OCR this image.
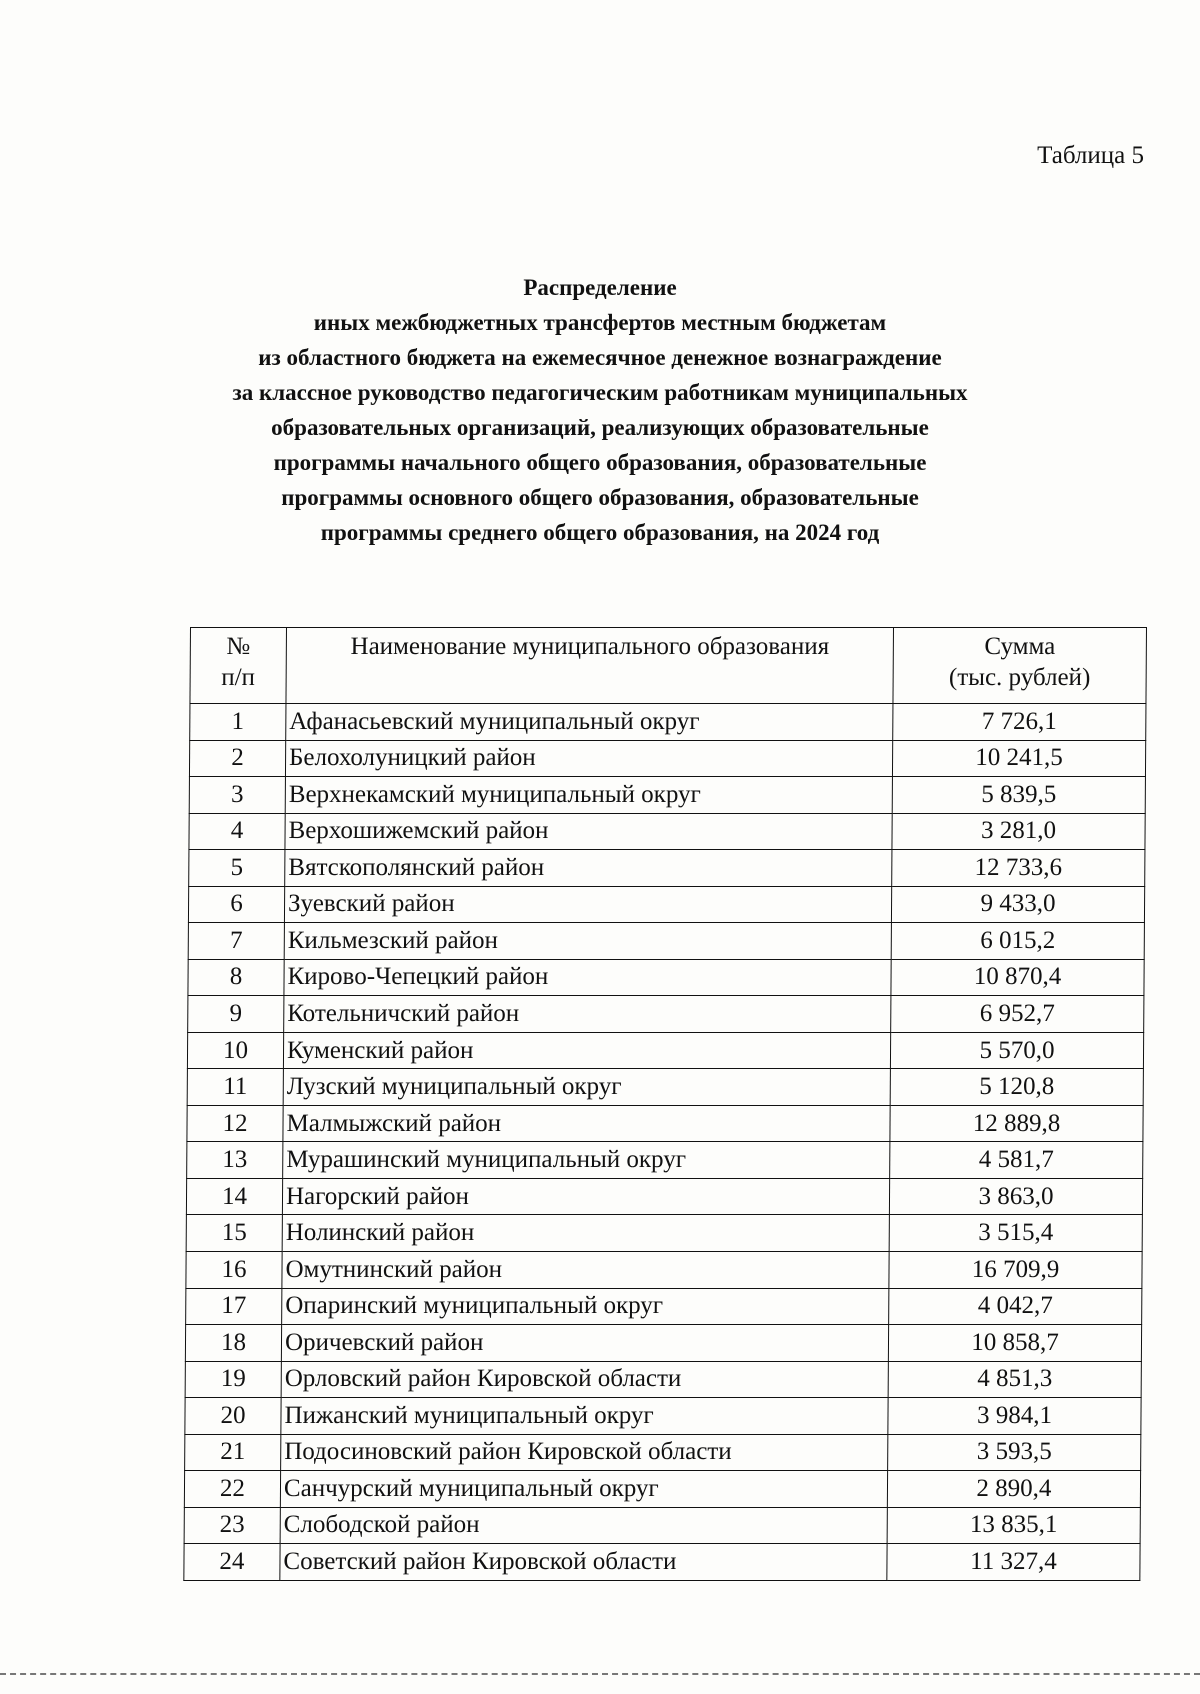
Таблица 5
Распределение
иных межбюджетных трансфертов местным бюджетам
из областного бюджета на ежемесячное денежное вознаграждение
за классное руководство педагогическим работникам муниципальных
образовательных организаций, реализующих образовательные
программы начального общего образования, образовательные
программы основного общего образования, образовательные
программы среднего общего образования, на 2024 год
№
п/п	Наименование муниципального образования	Сумма
(тыс. рублей)
1	Афанасьевский муниципальный округ	7 726,1
2	Белохолуницкий район	10 241,5
3	Верхнекамский муниципальный округ	5 839,5
4	Верхошижемский район	3 281,0
5	Вятскополянский район	12 733,6
6	Зуевский район	9 433,0
7	Кильмезский район	6 015,2
8	Кирово-Чепецкий район	10 870,4
9	Котельничский район	6 952,7
10	Куменский район	5 570,0
11	Лузский муниципальный округ	5 120,8
12	Малмыжский район	12 889,8
13	Мурашинский муниципальный округ	4 581,7
14	Нагорский район	3 863,0
15	Нолинский район	3 515,4
16	Омутнинский район	16 709,9
17	Опаринский муниципальный округ	4 042,7
18	Оричевский район	10 858,7
19	Орловский район Кировской области	4 851,3
20	Пижанский муниципальный округ	3 984,1
21	Подосиновский район Кировской области	3 593,5
22	Санчурский муниципальный округ	2 890,4
23	Слободской район	13 835,1
24	Советский район Кировской области	11 327,4
